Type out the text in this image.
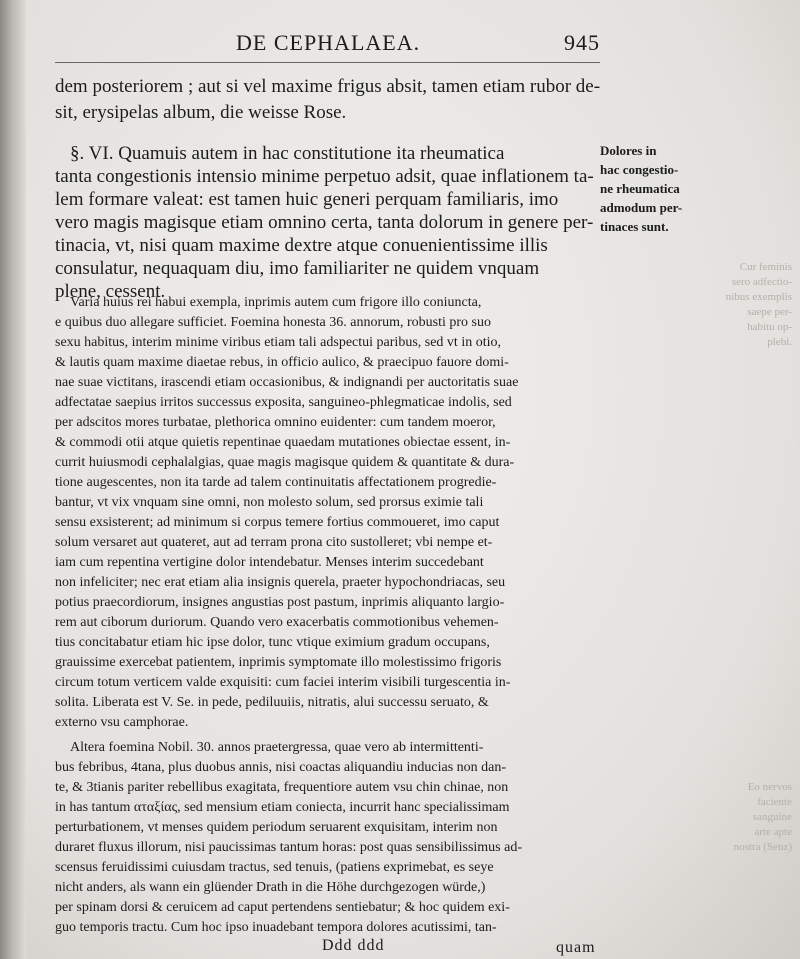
DE CEPHALAEA.	945
dem posteriorem ; aut si vel maxime frigus absit, tamen etiam rubor de-
sit, erysipelas album, die weisse Rose.
§. VI. Quamuis autem in hac constitutione ita rheumatica
tanta congestionis intensio minime perpetuo adsit, quae inflationem ta-
lem formare valeat: est tamen huic generi perquam familiaris, imo
vero magis magisque etiam omnino certa, tanta dolorum in genere per-
tinacia, vt, nisi quam maxime dextre atque conuenientissime illis
consulatur, nequaquam diu, imo familiariter ne quidem vnquam
plene, cessent.
Varia huius rei habui exempla, inprimis autem cum frigore illo coniuncta,
e quibus duo allegare sufficiet. Foemina honesta 36. annorum, robusti pro suo
sexu habitus, interim minime viribus etiam tali adspectui paribus, sed vt in otio,
& lautis quam maxime diaetae rebus, in officio aulico, & praecipuo fauore domi-
nae suae victitans, irascendi etiam occasionibus, & indignandi per auctoritatis suae
adfectatae saepius irritos successus exposita, sanguineo-phlegmaticae indolis, sed
per adscitos mores turbatae, plethorica omnino euidenter: cum tandem moeror,
& commodi otii atque quietis repentinae quaedam mutationes obiectae essent, in-
currit huiusmodi cephalalgias, quae magis magisque quidem & quantitate & dura-
tione augescentes, non ita tarde ad talem continuitatis affectationem progredie-
bantur, vt vix vnquam sine omni, non molesto solum, sed prorsus eximie tali
sensu exsisterent; ad minimum si corpus temere fortius commoueret, imo caput
solum versaret aut quateret, aut ad terram prona cito sustolleret; vbi nempe et-
iam cum repentina vertigine dolor intendebatur. Menses interim succedebant
non infeliciter; nec erat etiam alia insignis querela, praeter hypochondriacas, seu
potius praecordiorum, insignes angustias post pastum, inprimis aliquanto largio-
rem aut ciborum duriorum. Quando vero exacerbatis commotionibus vehemen-
tius concitabatur etiam hic ipse dolor, tunc vtique eximium gradum occupans,
grauissime exercebat patientem, inprimis symptomate illo molestissimo frigoris
circum totum verticem valde exquisiti: cum faciei interim visibili turgescentia in-
solita. Liberata est V. Se. in pede, pediluuiis, nitratis, alui successu seruato, &
externo vsu camphorae.
Altera foemina Nobil. 30. annos praetergressa, quae vero ab intermittenti-
bus febribus, 4tana, plus duobus annis, nisi coactas aliquandiu inducias non dan-
te, & 3tianis pariter rebellibus exagitata, frequentiore autem vsu chin chinae, non
in has tantum αταξίας, sed mensium etiam coniecta, incurrit hanc specialissimam
perturbationem, vt menses quidem periodum seruarent exquisitam, interim non
duraret fluxus illorum, nisi paucissimas tantum horas: post quas sensibilissimus ad-
scensus feruidissimi cuiusdam tractus, sed tenuis, (patiens exprimebat, es seye
nicht anders, als wann ein glüender Drath in die Höhe durchgezogen würde,)
per spinam dorsi & ceruicem ad caput pertendens sentiebatur; & hoc quidem exi-
guo temporis tractu. Cum hoc ipso inuadebant tempora dolores acutissimi, tan-
Dolores in
hac congestio-
ne rheumatica
admodum per-
tinaces sunt.
Cur feminis
sero adfectio-
nibus exemplis
saepe per-
habitu op-
plebi.
Eo nervos
faciente
sanguine
arte apte
nostra (Senz)
Ddd ddd	quam
